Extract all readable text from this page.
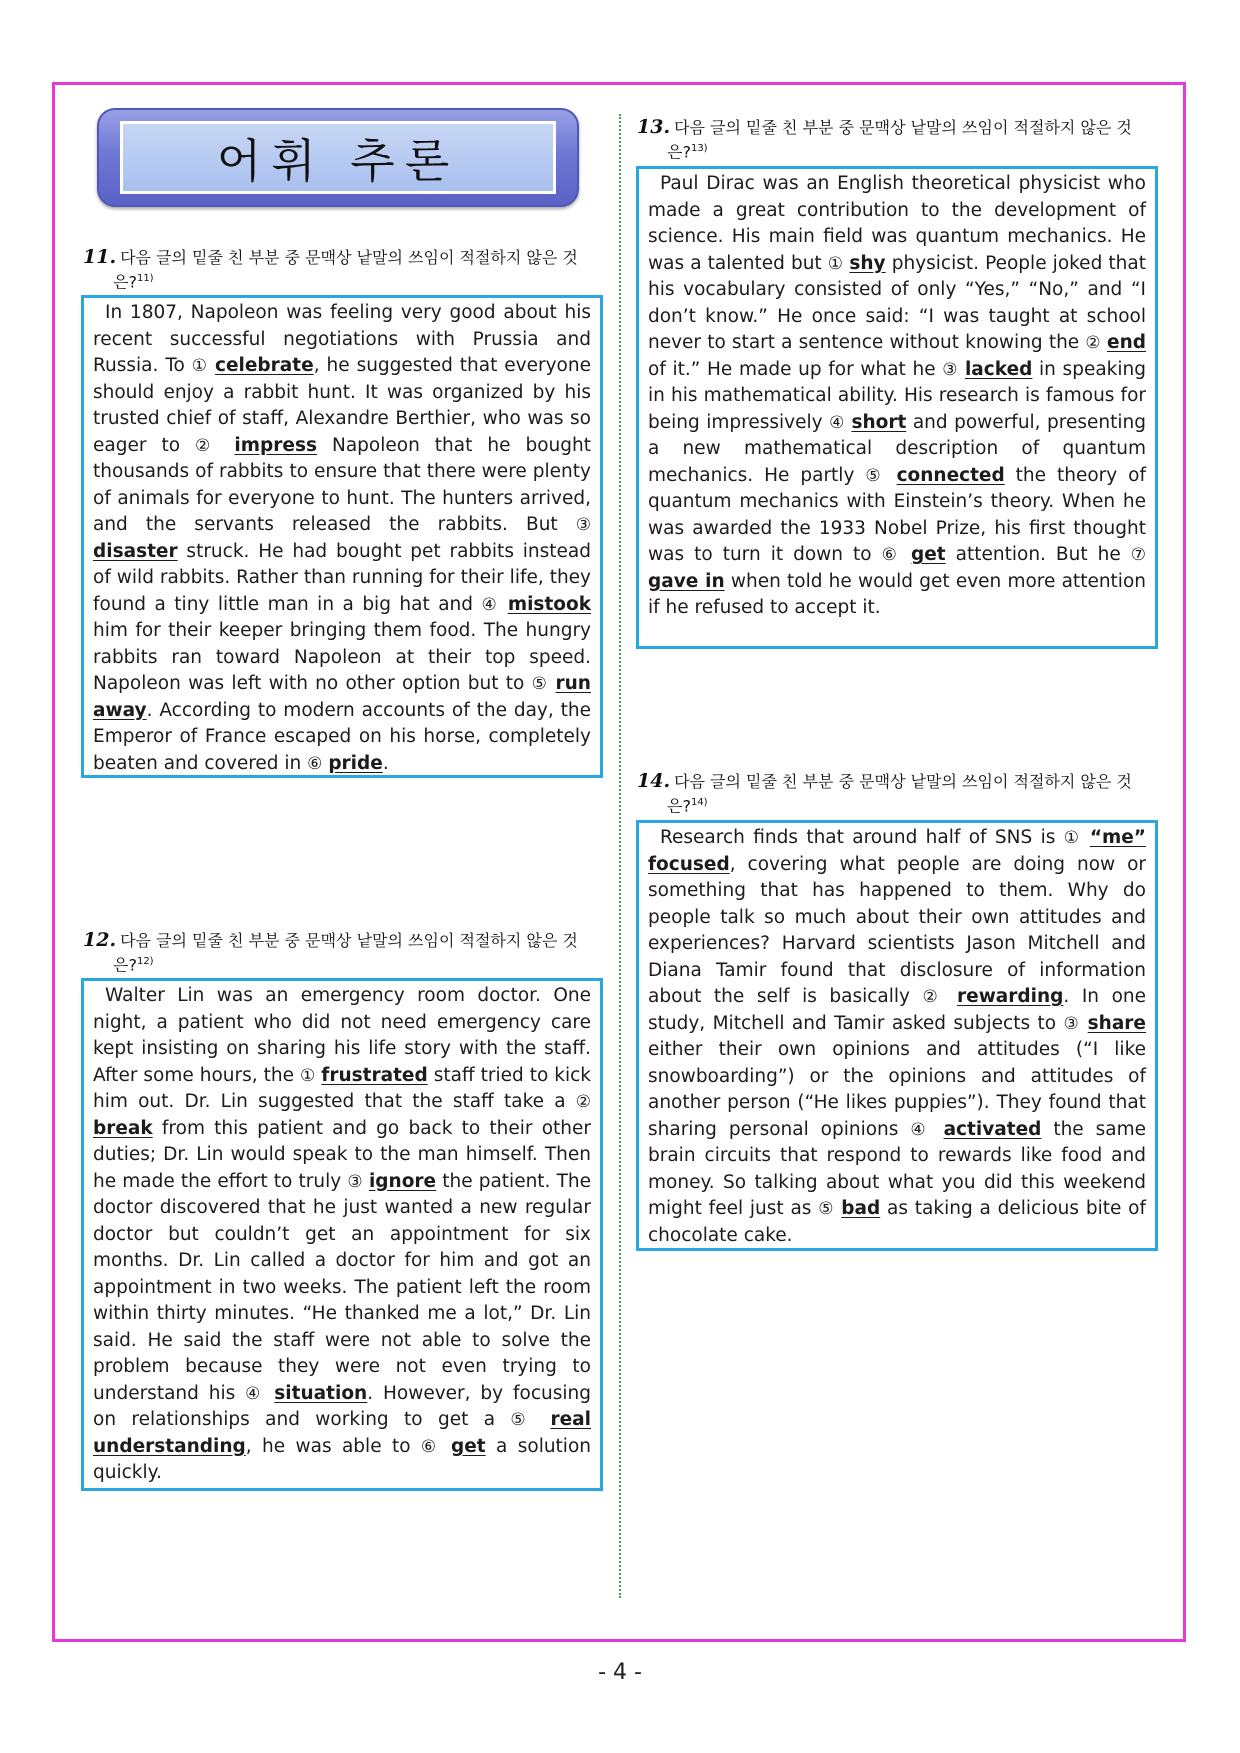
어휘 추론
11. 다음 글의 밑줄 친 부분 중 문맥상 낱말의 쓰임이 적절하지 않은 것
은?$^{11)}$
In 1807, Napoleon was feeling very good about his recent successful negotiations with Prussia and Russia. To ① celebrate, he suggested that everyone should enjoy a rabbit hunt. It was organized by his trusted chief of staff, Alexandre Berthier, who was so eager to ② impress Napoleon that he bought thousands of rabbits to ensure that there were plenty of animals for everyone to hunt. The hunters arrived, and the servants released the rabbits. But ③ disaster struck. He had bought pet rabbits instead of wild rabbits. Rather than running for their life, they found a tiny little man in a big hat and ④ mistook him for their keeper bringing them food. The hungry rabbits ran toward Napoleon at their top speed. Napoleon was left with no other option but to ⑤ run away. According to modern accounts of the day, the Emperor of France escaped on his horse, completely beaten and covered in ⑥ pride.
12. 다음 글의 밑줄 친 부분 중 문맥상 낱말의 쓰임이 적절하지 않은 것
은?$^{12)}$
Walter Lin was an emergency room doctor. One night, a patient who did not need emergency care kept insisting on sharing his life story with the staff. After some hours, the ① frustrated staff tried to kick him out. Dr. Lin suggested that the staff take a ② break from this patient and go back to their other duties; Dr. Lin would speak to the man himself. Then he made the effort to truly ③ ignore the patient. The doctor discovered that he just wanted a new regular doctor but couldn’t get an appointment for six months. Dr. Lin called a doctor for him and got an appointment in two weeks. The patient left the room within thirty minutes. “He thanked me a lot,” Dr. Lin said. He said the staff were not able to solve the problem because they were not even trying to understand his ④ situation. However, by focusing on relationships and working to get a ⑤ real understanding, he was able to ⑥ get a solution quickly.
13. 다음 글의 밑줄 친 부분 중 문맥상 낱말의 쓰임이 적절하지 않은 것
은?$^{13)}$
Paul Dirac was an English theoretical physicist who made a great contribution to the development of science. His main field was quantum mechanics. He was a talented but ① shy physicist. People joked that his vocabulary consisted of only “Yes,” “No,” and “I don’t know.” He once said: “I was taught at school never to start a sentence without knowing the ② end of it.” He made up for what he ③ lacked in speaking in his mathematical ability. His research is famous for being impressively ④ short and powerful, presenting a new mathematical description of quantum mechanics. He partly ⑤ connected the theory of quantum mechanics with Einstein’s theory. When he was awarded the 1933 Nobel Prize, his first thought was to turn it down to ⑥ get attention. But he ⑦ gave in when told he would get even more attention if he refused to accept it.
14. 다음 글의 밑줄 친 부분 중 문맥상 낱말의 쓰임이 적절하지 않은 것
은?$^{14)}$
Research finds that around half of SNS is ① “me” focused, covering what people are doing now or something that has happened to them. Why do people talk so much about their own attitudes and experiences? Harvard scientists Jason Mitchell and Diana Tamir found that disclosure of information about the self is basically ② rewarding. In one study, Mitchell and Tamir asked subjects to ③ share either their own opinions and attitudes (“I like snowboarding”) or the opinions and attitudes of another person (“He likes puppies”). They found that sharing personal opinions ④ activated the same brain circuits that respond to rewards like food and money. So talking about what you did this weekend might feel just as ⑤ bad as taking a delicious bite of chocolate cake.
- 4 -
